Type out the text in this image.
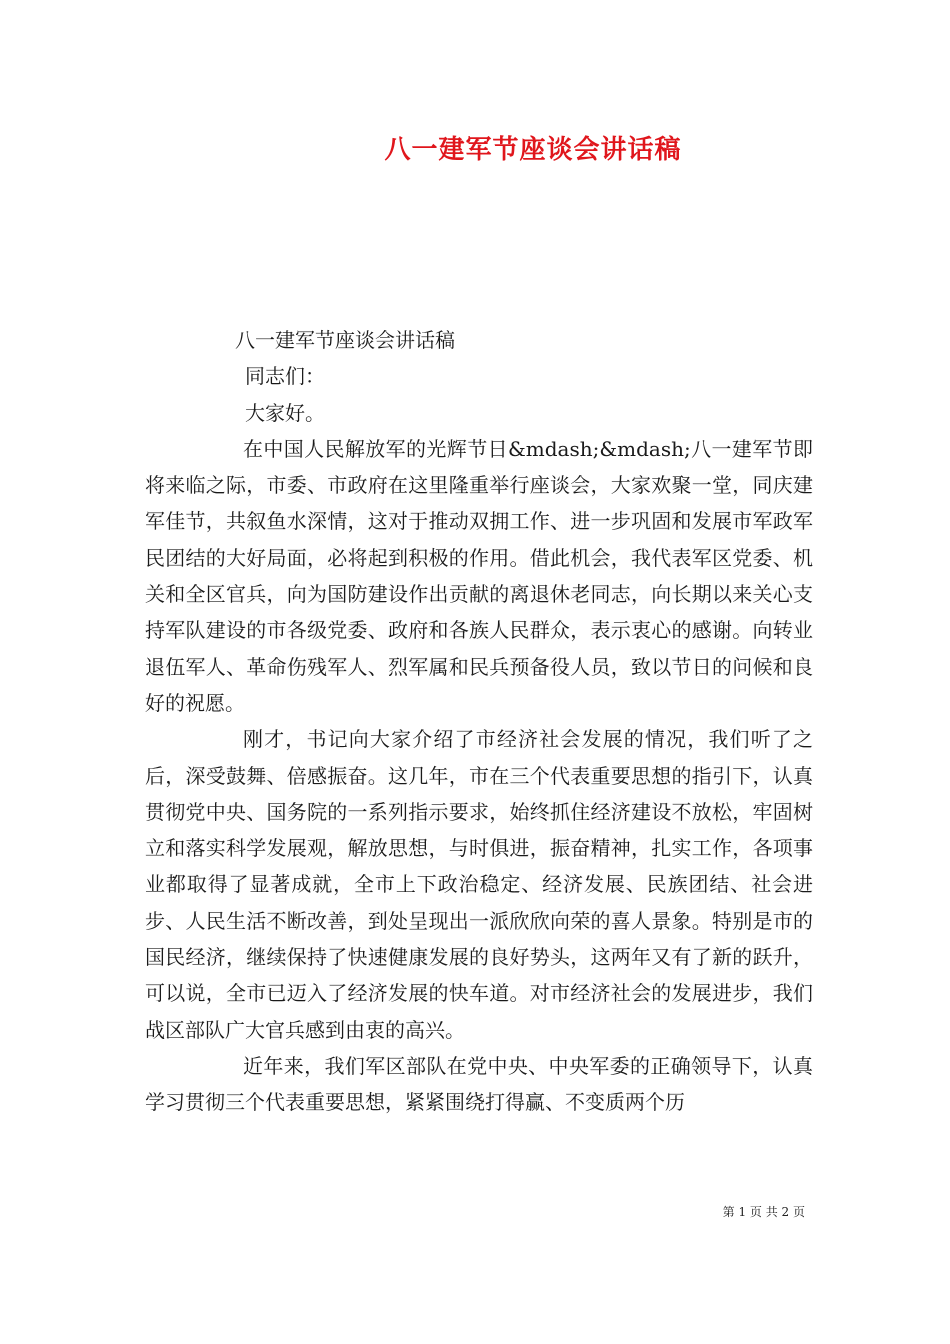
八一建军节座谈会讲话稿

八一建军节座谈会讲话稿

同志们：

大家好。

在中国人民解放军的光辉节日&mdash;&mdash;八一建军节即将来临之际，市委、市政府在这里隆重举行座谈会，大家欢聚一堂，同庆建军佳节，共叙鱼水深情，这对于推动双拥工作、进一步巩固和发展市军政军民团结的大好局面，必将起到积极的作用。借此机会，我代表军区党委、机关和全区官兵，向为国防建设作出贡献的离退休老同志，向长期以来关心支持军队建设的市各级党委、政府和各族人民群众，表示衷心的感谢。向转业退伍军人、革命伤残军人、烈军属和民兵预备役人员，致以节日的问候和良好的祝愿。

刚才，书记向大家介绍了市经济社会发展的情况，我们听了之后，深受鼓舞、倍感振奋。这几年，市在三个代表重要思想的指引下，认真贯彻党中央、国务院的一系列指示要求，始终抓住经济建设不放松，牢固树立和落实科学发展观，解放思想，与时俱进，振奋精神，扎实工作，各项事业都取得了显著成就，全市上下政治稳定、经济发展、民族团结、社会进步、人民生活不断改善，到处呈现出一派欣欣向荣的喜人景象。特别是市的国民经济，继续保持了快速健康发展的良好势头，这两年又有了新的跃升，可以说，全市已迈入了经济发展的快车道。对市经济社会的发展进步，我们战区部队广大官兵感到由衷的高兴。

近年来，我们军区部队在党中央、中央军委的正确领导下，认真学习贯彻三个代表重要思想，紧紧围绕打得赢、不变质两个历

第 1 页 共 2 页
